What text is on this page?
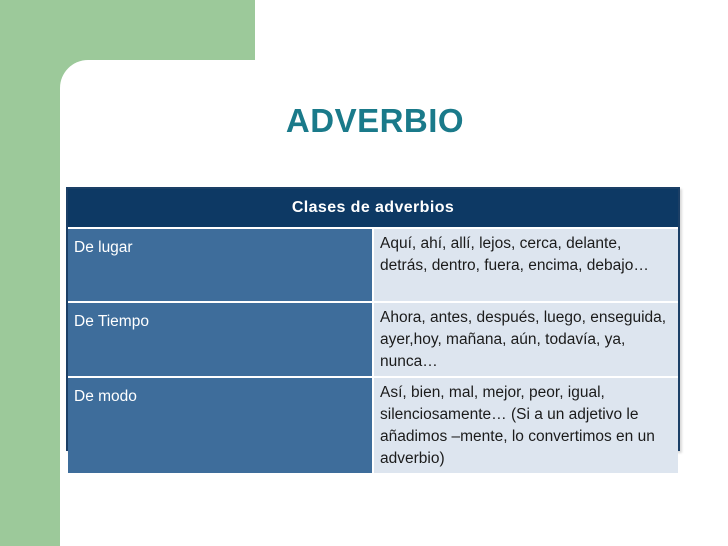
ADVERBIO
Clases de adverbios	
De lugar	Aquí, ahí, allí, lejos, cerca, delante, detrás, dentro, fuera, encima, debajo…
De Tiempo	Ahora, antes, después, luego, enseguida, ayer,hoy, mañana, aún, todavía, ya, nunca…
De modo	Así, bien, mal, mejor, peor, igual, silenciosamente… (Si a un adjetivo le añadimos –mente, lo convertimos en un adverbio)
